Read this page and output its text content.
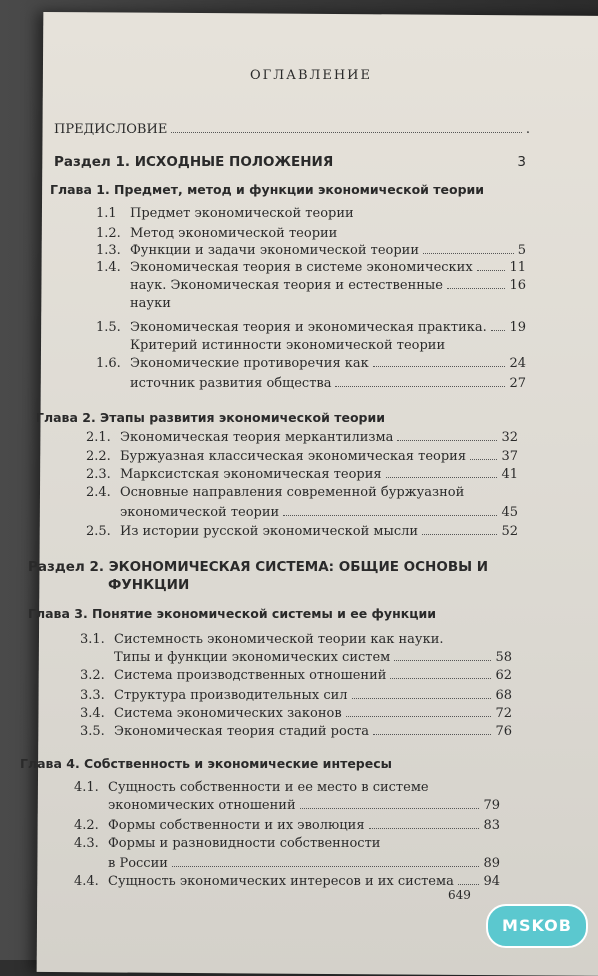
ОГЛАВЛЕНИЕ
ПРЕДИСЛОВИЕ	.
Раздел 1. ИСХОДНЫЕ ПОЛОЖЕНИЯ	3
Глава 1. Предмет, метод и функции экономической теории
1.1	Предмет экономической теории
1.2. Метод экономической теории
1.3. Функции и задачи экономической теории	5
1.4. Экономическая теория в системе экономических	11
наук. Экономическая теория и естественные	16
науки
1.5. Экономическая теория и экономическая практика. 19
Критерий истинности экономической теории
1.6. Экономические противоречия как	24
источник развития общества	27
Глава 2. Этапы развития экономической теории
2.1. Экономическая теория меркантилизма	32
2.2. Буржуазная классическая экономическая теория	37
2.3. Марксистская экономическая теория	41
2.4. Основные направления современной буржуазной
экономической теории	45
2.5. Из истории русской экономической мысли	52
Раздел 2. ЭКОНОМИЧЕСКАЯ СИСТЕМА: ОБЩИЕ ОСНОВЫ И
ФУНКЦИИ
Глава 3. Понятие экономической системы и ее функции
3.1. Системность экономической теории как науки.
Типы и функции экономических систем	58
3.2. Система производственных отношений	62
3.3. Структура производительных сил	68
3.4. Система экономических законов	72
3.5. Экономическая теория стадий роста	76
Глава 4. Собственность и экономические интересы
4.1. Сущность собственности и ее место в системе
экономических отношений	79
4.2. Формы собственности и их эволюция	83
4.3. Формы и разновидности собственности
в России	89
4.4. Сущность экономических интересов и их система 94
649
MSKOB
